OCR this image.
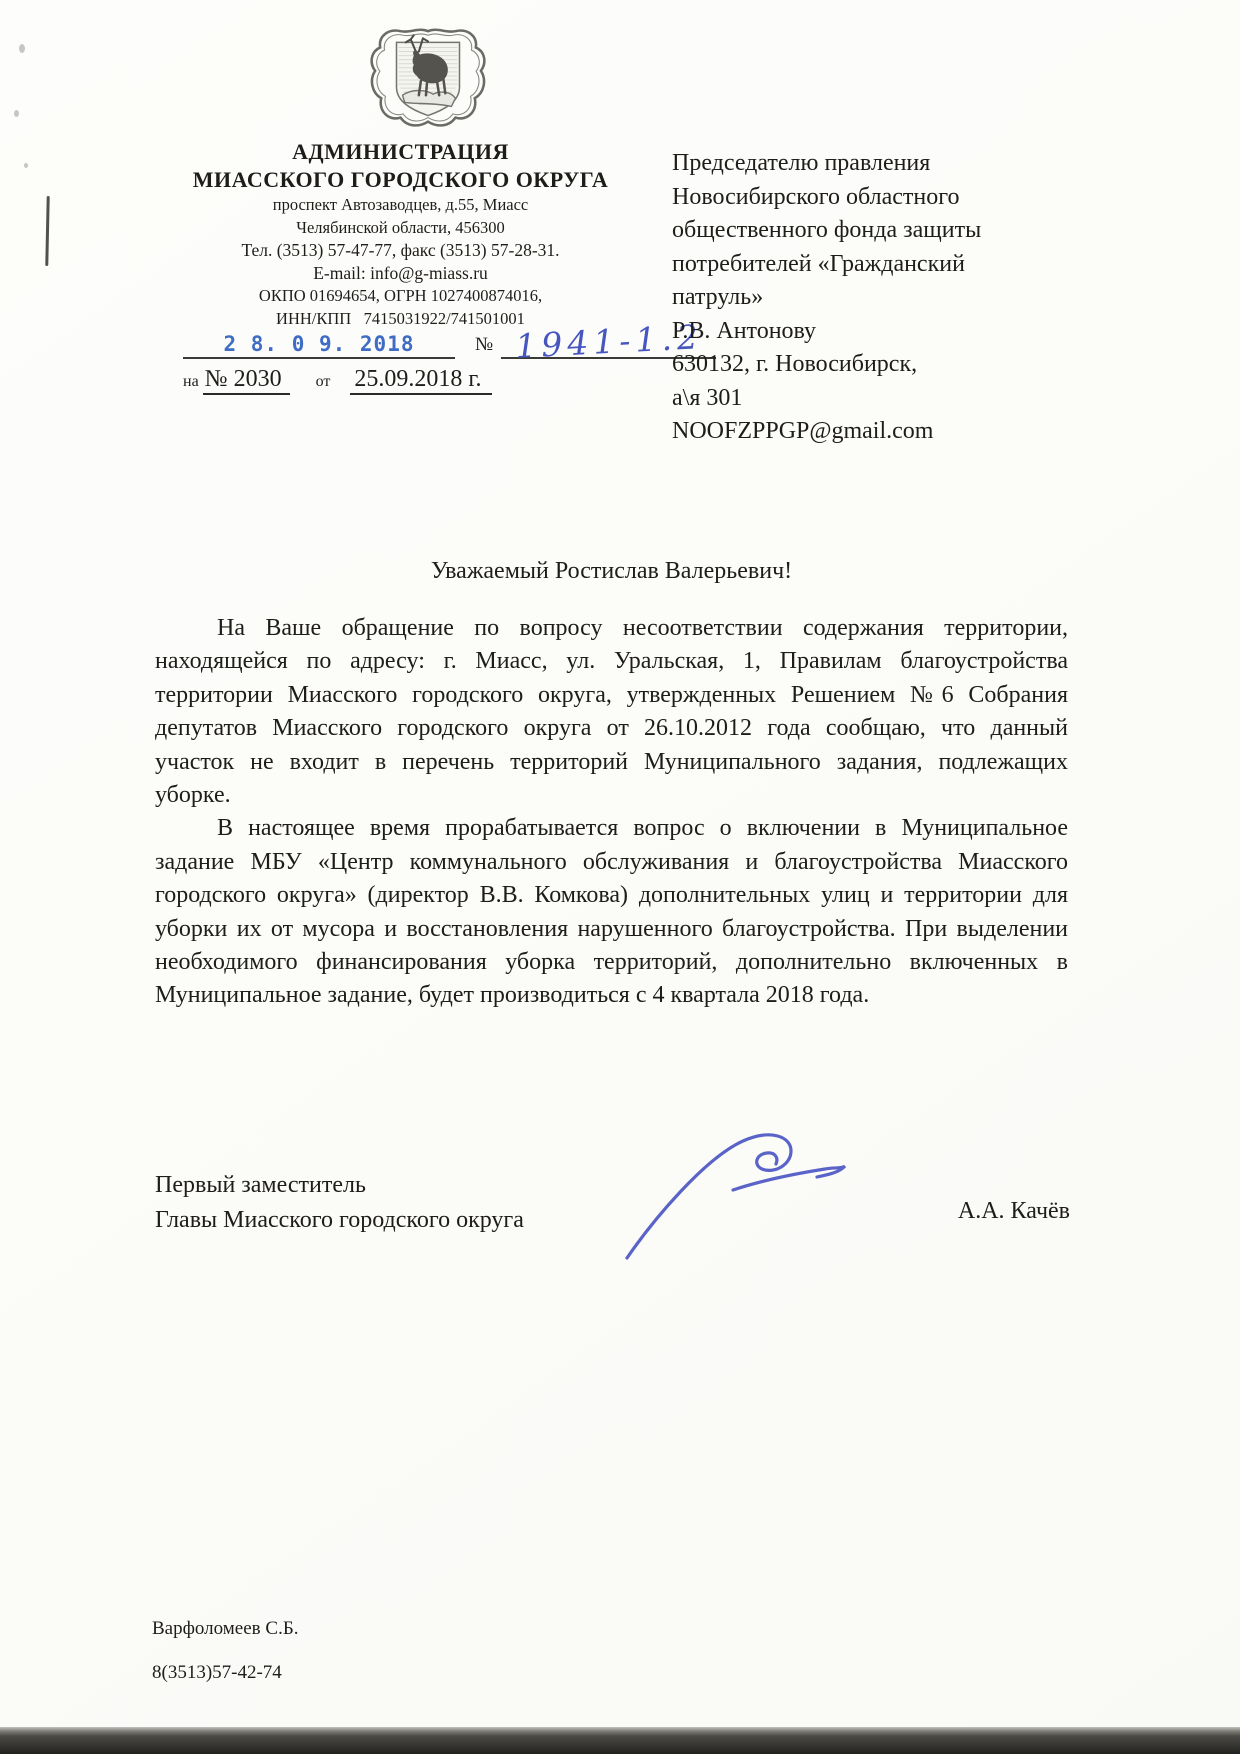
АДМИНИСТРАЦИЯ
МИАССКОГО ГОРОДСКОГО ОКРУГА
проспект Автозаводцев, д.55, Миасс
Челябинской области, 456300
Тел. (3513) 57-47-77, факс (3513) 57-28-31.
E-mail: info@g-miass.ru
ОКПО 01694654, ОГРН 1027400874016,
ИНН/КПП   7415031922/741501001
2 8. 0 9. 2018	№ 1941-1.2
на № 2030 от 25.09.2018 г.
Председателю правления
Новосибирского областного
общественного фонда защиты
потребителей «Гражданский
патруль»
Р.В. Антонову
630132, г. Новосибирск,
а\я 301
NOOFZPPGP@gmail.com
Уважаемый Ростислав Валерьевич!

На Ваше обращение по вопросу несоответствии содержания территории, находящейся по адресу: г. Миасс, ул. Уральская, 1, Правилам благоустройства территории Миасского городского округа, утвержденных Решением №6 Собрания депутатов Миасского городского округа от 26.10.2012 года сообщаю, что данный участок не входит в перечень территорий Муниципального задания, подлежащих уборке.

В настоящее время прорабатывается вопрос о включении в Муниципальное задание МБУ «Центр коммунального обслуживания и благоустройства Миасского городского округа» (директор В.В. Комкова) дополнительных улиц и территории для уборки их от мусора и восстановления нарушенного благоустройства. При выделении необходимого финансирования уборка территорий, дополнительно включенных в Муниципальное задание, будет производиться с 4 квартала 2018 года.

Первый заместитель
Главы Миасского городского округа	А.А. Качёв
Варфоломеев С.Б.
8(3513)57-42-74
